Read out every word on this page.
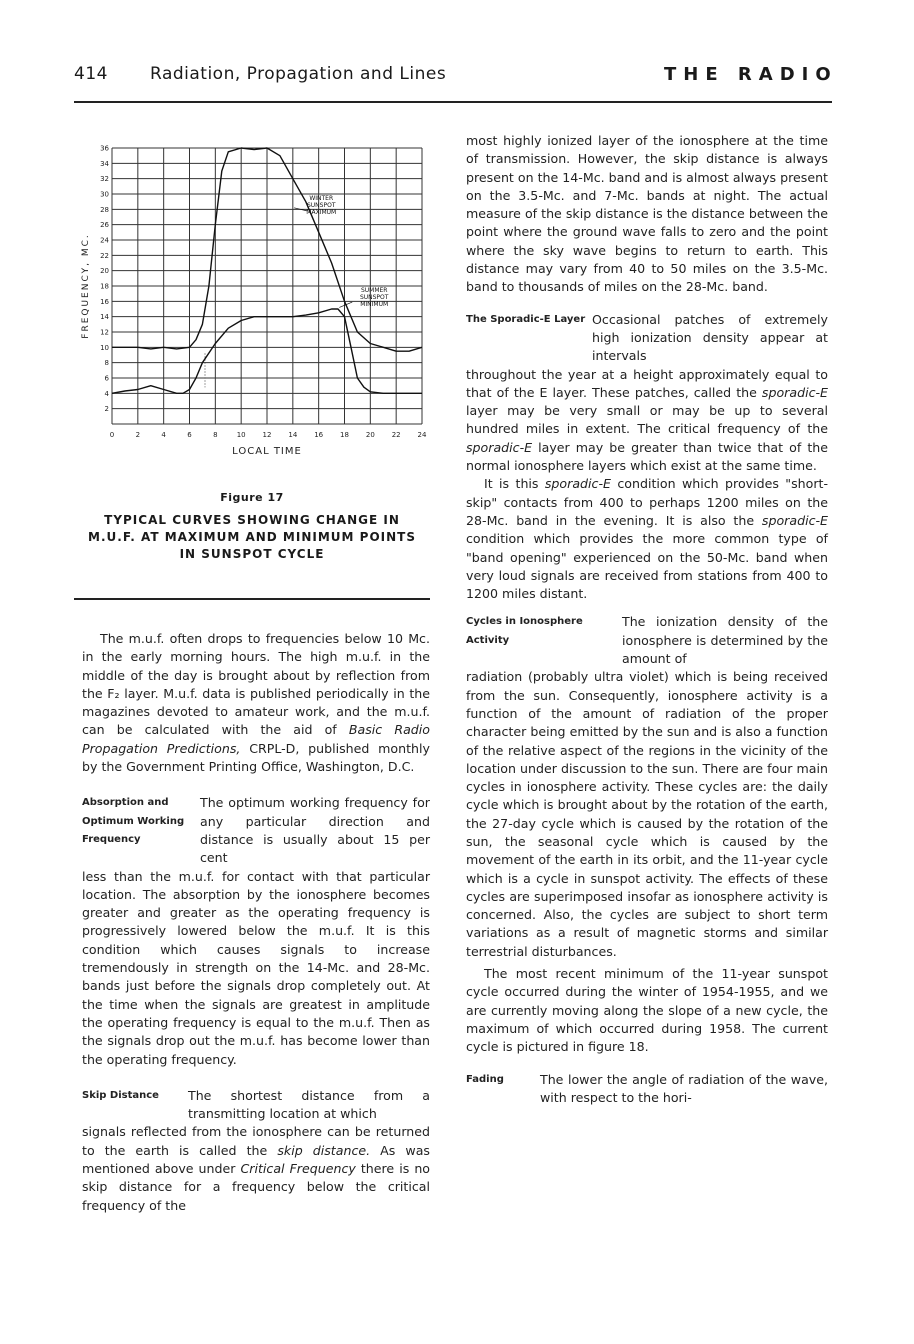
414 Radiation, Propagation and Lines	THE RADIO
0	2	4	6	8	10 12 14 16 18 20 22 24
2
4
6
8
10
12
14
16
18
20
22
24
26
28
30
32
34
36
LOCAL TIME
FREQUENCY, MC.
WINTER
SUNSPOT
MAXIMUM
SUMMER
SUNSPOT
MINIMUM
Figure 17
TYPICAL CURVES SHOWING CHANGE IN M.U.F. AT MAXIMUM AND MINIMUM POINTS IN SUNSPOT CYCLE

The m.u.f. often drops to frequencies below 10 Mc. in the early morning hours. The high m.u.f. in the middle of the day is brought about by reflection from the F₂ layer. M.u.f. data is published periodically in the magazines devoted to amateur work, and the m.u.f. can be calculated with the aid of Basic Radio Propagation Predictions, CRPL-D, published monthly by the Government Printing Office, Washington, D.C.

Absorption and Optimum Working Frequency

The optimum working frequency for any particular direction and distance is usually about 15 per cent

less than the m.u.f. for contact with that particular location. The absorption by the ionosphere becomes greater and greater as the operating frequency is progressively lowered below the m.u.f. It is this condition which causes signals to increase tremendously in strength on the 14-Mc. and 28-Mc. bands just before the signals drop completely out. At the time when the signals are greatest in amplitude the operating frequency is equal to the m.u.f. Then as the signals drop out the m.u.f. has become lower than the operating frequency.

Skip Distance	The shortest distance from a transmitting location at which

signals reflected from the ionosphere can be returned to the earth is called the skip distance. As was mentioned above under Critical Frequency there is no skip distance for a frequency below the critical frequency of the

most highly ionized layer of the ionosphere at the time of transmission. However, the skip distance is always present on the 14-Mc. band and is almost always present on the 3.5-Mc. and 7-Mc. bands at night. The actual measure of the skip distance is the distance between the point where the ground wave falls to zero and the point where the sky wave begins to return to earth. This distance may vary from 40 to 50 miles on the 3.5-Mc. band to thousands of miles on the 28-Mc. band.

The Sporadic-E Layer Occasional patches of extremely high ionization density appear at intervals

throughout the year at a height approximately equal to that of the E layer. These patches, called the sporadic-E layer may be very small or may be up to several hundred miles in extent. The critical frequency of the sporadic-E layer may be greater than twice that of the normal ionosphere layers which exist at the same time.

It is this sporadic-E condition which provides "short-skip" contacts from 400 to perhaps 1200 miles on the 28-Mc. band in the evening. It is also the sporadic-E condition which provides the more common type of "band opening" experienced on the 50-Mc. band when very loud signals are received from stations from 400 to 1200 miles distant.

Cycles in Ionosphere Activity

The ionization density of the ionosphere is determined by the amount of

radiation (probably ultra violet) which is being received from the sun. Consequently, ionosphere activity is a function of the amount of radiation of the proper character being emitted by the sun and is also a function of the relative aspect of the regions in the vicinity of the location under discussion to the sun. There are four main cycles in ionosphere activity. These cycles are: the daily cycle which is brought about by the rotation of the earth, the 27-day cycle which is caused by the rotation of the sun, the seasonal cycle which is caused by the movement of the earth in its orbit, and the 11-year cycle which is a cycle in sunspot activity. The effects of these cycles are superimposed insofar as ionosphere activity is concerned. Also, the cycles are subject to short term variations as a result of magnetic storms and similar terrestrial disturbances.

The most recent minimum of the 11-year sunspot cycle occurred during the winter of 1954-1955, and we are currently moving along the slope of a new cycle, the maximum of which occurred during 1958. The current cycle is pictured in figure 18.

Fading	The lower the angle of radiation of the wave, with respect to the hori-
